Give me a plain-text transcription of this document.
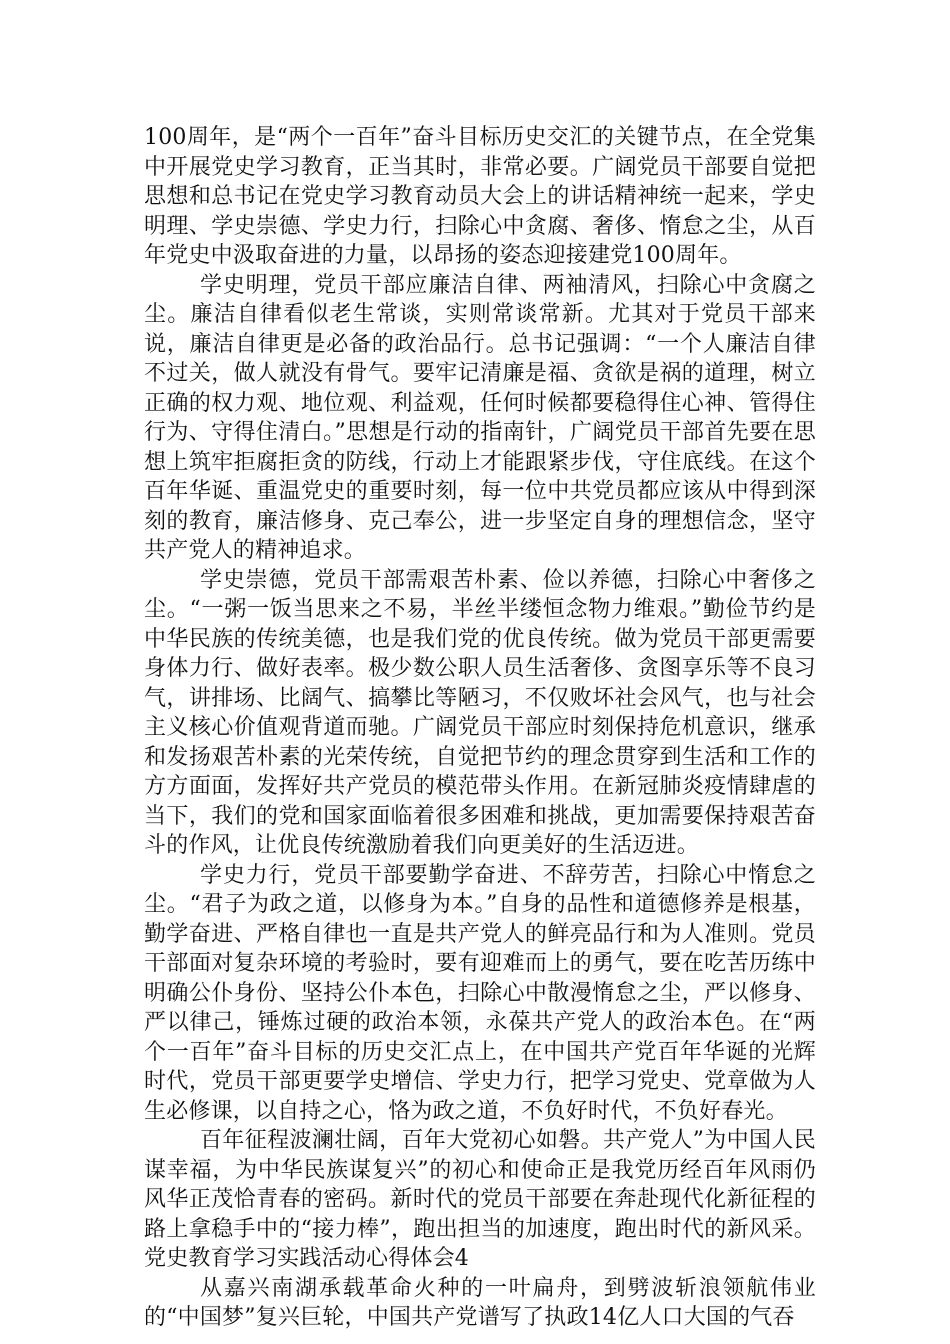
100周年，是“两个一百年”奋斗目标历史交汇的关键节点，在全党集中开展党史学习教育，正当其时，非常必要。广阔党员干部要自觉把思想和总书记在党史学习教育动员大会上的讲话精神统一起来，学史明理、学史崇德、学史力行，扫除心中贪腐、奢侈、惰怠之尘，从百年党史中汲取奋进的力量，以昂扬的姿态迎接建党100周年。

学史明理，党员干部应廉洁自律、两袖清风，扫除心中贪腐之尘。廉洁自律看似老生常谈，实则常谈常新。尤其对于党员干部来说，廉洁自律更是必备的政治品行。总书记强调：“一个人廉洁自律不过关，做人就没有骨气。要牢记清廉是福、贪欲是祸的道理，树立正确的权力观、地位观、利益观，任何时候都要稳得住心神、管得住行为、守得住清白。”思想是行动的指南针，广阔党员干部首先要在思想上筑牢拒腐拒贪的防线，行动上才能跟紧步伐，守住底线。在这个百年华诞、重温党史的重要时刻，每一位中共党员都应该从中得到深刻的教育，廉洁修身、克己奉公，进一步坚定自身的理想信念，坚守共产党人的精神追求。

学史崇德，党员干部需艰苦朴素、俭以养德，扫除心中奢侈之尘。“一粥一饭当思来之不易，半丝半缕恒念物力维艰。”勤俭节约是中华民族的传统美德，也是我们党的优良传统。做为党员干部更需要身体力行、做好表率。极少数公职人员生活奢侈、贪图享乐等不良习气，讲排场、比阔气、搞攀比等陋习，不仅败坏社会风气，也与社会主义核心价值观背道而驰。广阔党员干部应时刻保持危机意识，继承和发扬艰苦朴素的光荣传统，自觉把节约的理念贯穿到生活和工作的方方面面，发挥好共产党员的模范带头作用。在新冠肺炎疫情肆虐的当下，我们的党和国家面临着很多困难和挑战，更加需要保持艰苦奋斗的作风，让优良传统激励着我们向更美好的生活迈进。

学史力行，党员干部要勤学奋进、不辞劳苦，扫除心中惰怠之尘。“君子为政之道，以修身为本。”自身的品性和道德修养是根基，勤学奋进、严格自律也一直是共产党人的鲜亮品行和为人准则。党员干部面对复杂环境的考验时，要有迎难而上的勇气，要在吃苦历练中明确公仆身份、坚持公仆本色，扫除心中散漫惰怠之尘，严以修身、严以律己，锤炼过硬的政治本领，永葆共产党人的政治本色。在“两个一百年”奋斗目标的历史交汇点上，在中国共产党百年华诞的光辉时代，党员干部更要学史增信、学史力行，把学习党史、党章做为人生必修课，以自持之心，恪为政之道，不负好时代，不负好春光。

百年征程波澜壮阔，百年大党初心如磐。共产党人”为中国人民谋幸福，为中华民族谋复兴”的初心和使命正是我党历经百年风雨仍风华正茂恰青春的密码。新时代的党员干部要在奔赴现代化新征程的路上拿稳手中的“接力棒”，跑出担当的加速度，跑出时代的新风采。党史教育学习实践活动心得体会4

从嘉兴南湖承载革命火种的一叶扁舟，到劈波斩浪领航伟业的“中国梦”复兴巨轮，中国共产党谱写了执政14亿人口大国的气吞
